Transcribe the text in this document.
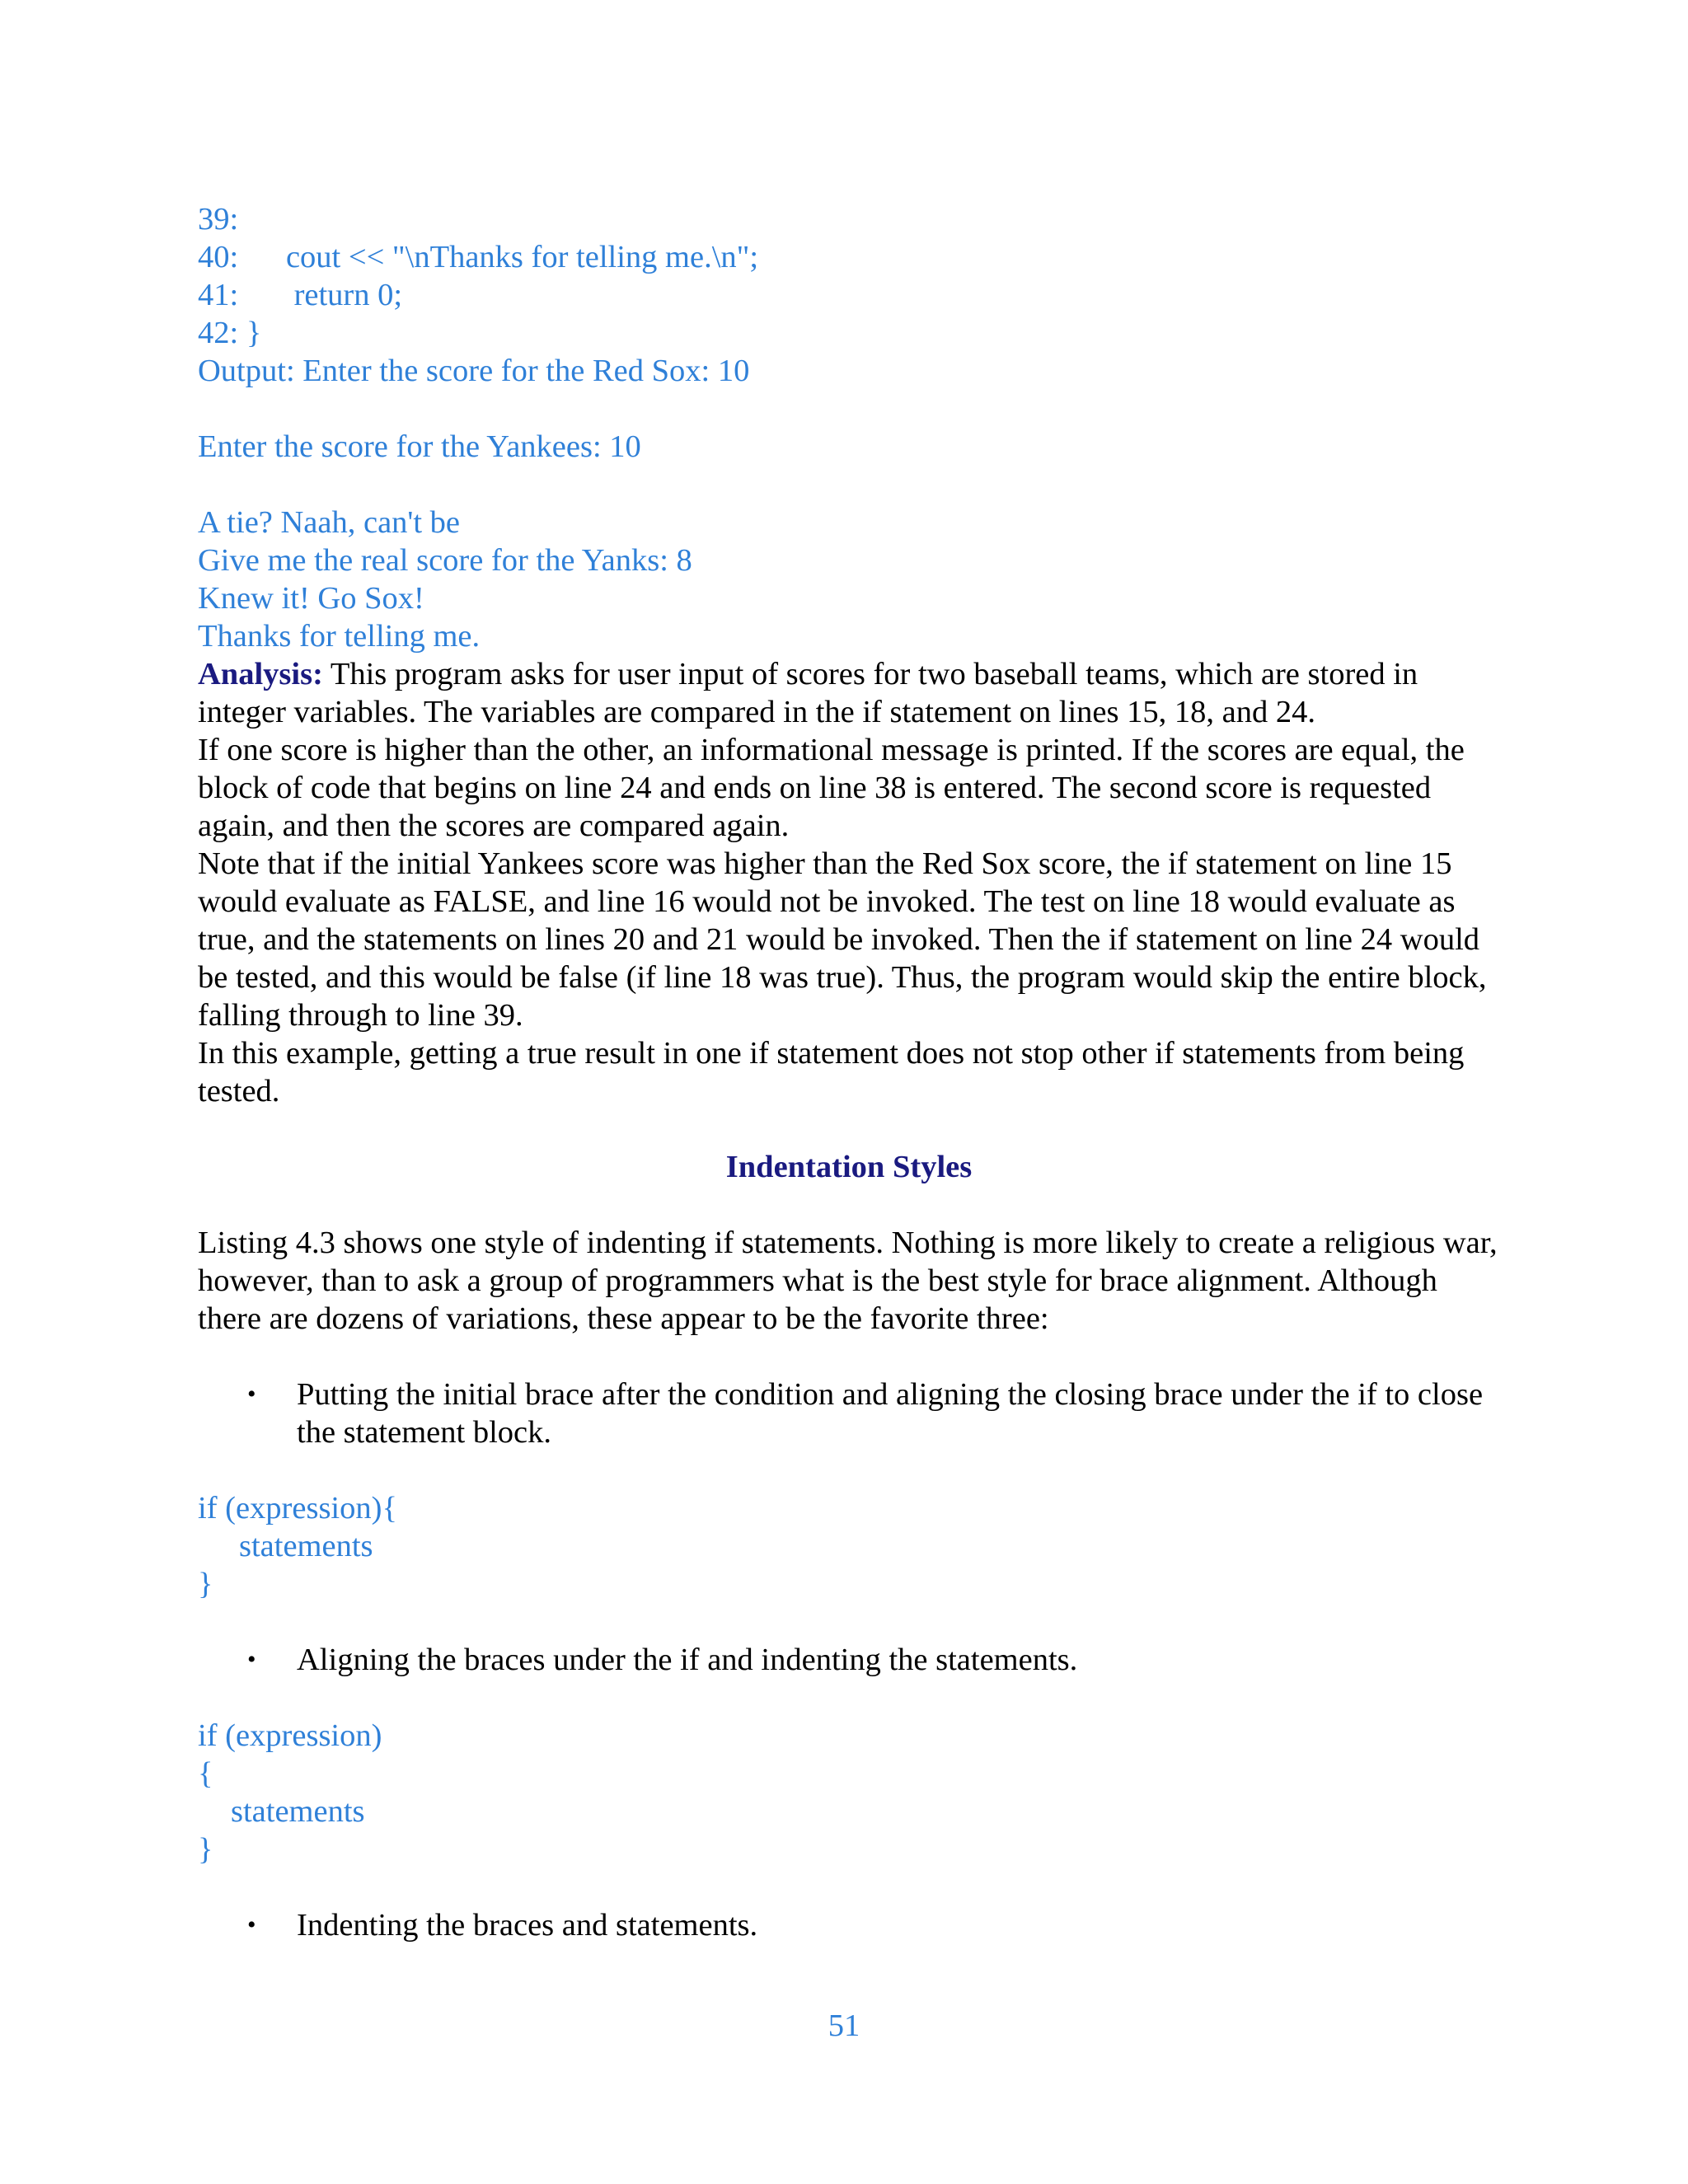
39:
40:      cout << "\nThanks for telling me.\n";
41:       return 0;
42: }
Output: Enter the score for the Red Sox: 10
Enter the score for the Yankees: 10
A tie? Naah, can't be
Give me the real score for the Yanks: 8
Knew it! Go Sox!
Thanks for telling me.

Analysis: This program asks for user input of scores for two baseball teams, which are stored in integer variables. The variables are compared in the if statement on lines 15, 18, and 24.

If one score is higher than the other, an informational message is printed. If the scores are equal, the block of code that begins on line 24 and ends on line 38 is entered. The second score is requested again, and then the scores are compared again.

Note that if the initial Yankees score was higher than the Red Sox score, the if statement on line 15 would evaluate as FALSE, and line 16 would not be invoked. The test on line 18 would evaluate as true, and the statements on lines 20 and 21 would be invoked. Then the if statement on line 24 would be tested, and this would be false (if line 18 was true). Thus, the program would skip the entire block, falling through to line 39.

In this example, getting a true result in one if statement does not stop other if statements from being tested.

Indentation Styles

Listing 4.3 shows one style of indenting if statements. Nothing is more likely to create a religious war, however, than to ask a group of programmers what is the best style for brace alignment. Although there are dozens of variations, these appear to be the favorite three:

• Putting the initial brace after the condition and aligning the closing brace under the if to close the statement block.
if (expression){
statements
}
• Aligning the braces under the if and indenting the statements.
if (expression)
{
statements
}
• Indenting the braces and statements.
51
